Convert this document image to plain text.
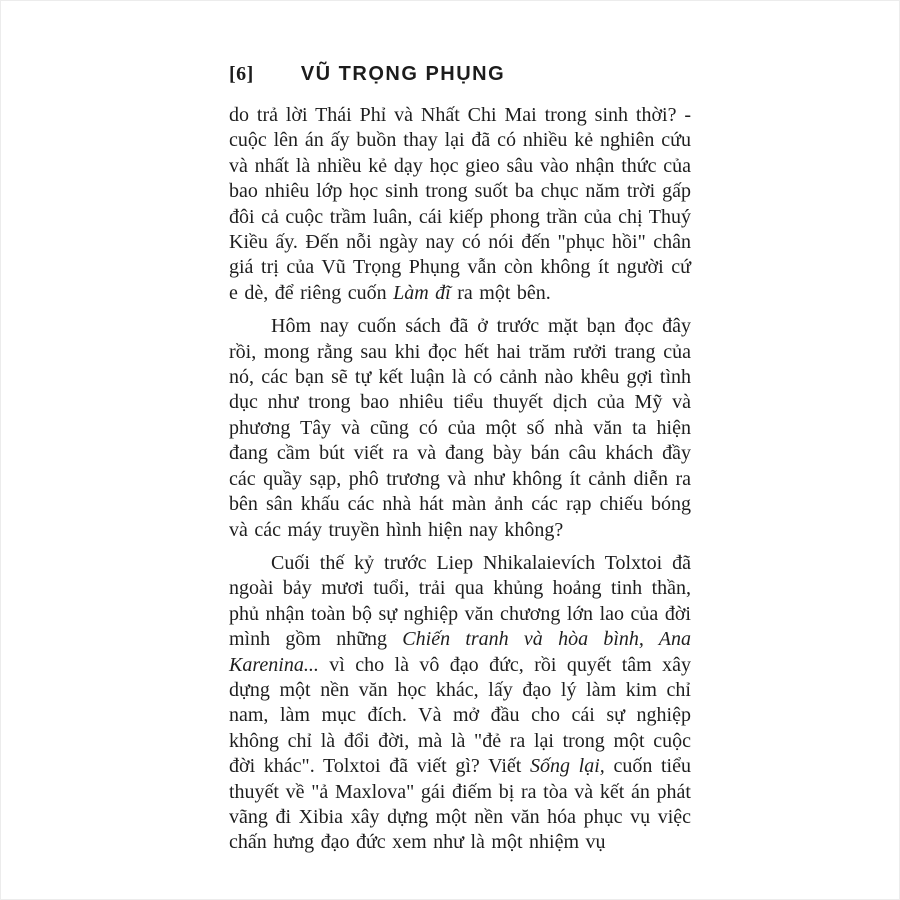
[6] VŨ TRỌNG PHỤNG

do trả lời Thái Phỉ và Nhất Chi Mai trong sinh thời? - cuộc lên án ấy buồn thay lại đã có nhiều kẻ nghiên cứu và nhất là nhiều kẻ dạy học gieo sâu vào nhận thức của bao nhiêu lớp học sinh trong suốt ba chục năm trời gấp đôi cả cuộc trầm luân, cái kiếp phong trần của chị Thuý Kiều ấy. Đến nỗi ngày nay có nói đến "phục hồi" chân giá trị của Vũ Trọng Phụng vẫn còn không ít người cứ e dè, để riêng cuốn Làm đĩ ra một bên.

Hôm nay cuốn sách đã ở trước mặt bạn đọc đây rồi, mong rằng sau khi đọc hết hai trăm rưởi trang của nó, các bạn sẽ tự kết luận là có cảnh nào khêu gợi tình dục như trong bao nhiêu tiểu thuyết dịch của Mỹ và phương Tây và cũng có của một số nhà văn ta hiện đang cầm bút viết ra và đang bày bán câu khách đầy các quầy sạp, phô trương và như không ít cảnh diễn ra bên sân khấu các nhà hát màn ảnh các rạp chiếu bóng và các máy truyền hình hiện nay không?

Cuối thế kỷ trước Liep Nhikalaievích Tolxtoi đã ngoài bảy mươi tuổi, trải qua khủng hoảng tinh thần, phủ nhận toàn bộ sự nghiệp văn chương lớn lao của đời mình gồm những Chiến tranh và hòa bình, Ana Karenina... vì cho là vô đạo đức, rồi quyết tâm xây dựng một nền văn học khác, lấy đạo lý làm kim chỉ nam, làm mục đích. Và mở đầu cho cái sự nghiệp không chỉ là đổi đời, mà là "đẻ ra lại trong một cuộc đời khác". Tolxtoi đã viết gì? Viết Sống lại, cuốn tiểu thuyết về "ả Maxlova" gái điếm bị ra tòa và kết án phát vãng đi Xibia xây dựng một nền văn hóa phục vụ việc chấn hưng đạo đức xem như là một nhiệm vụ
